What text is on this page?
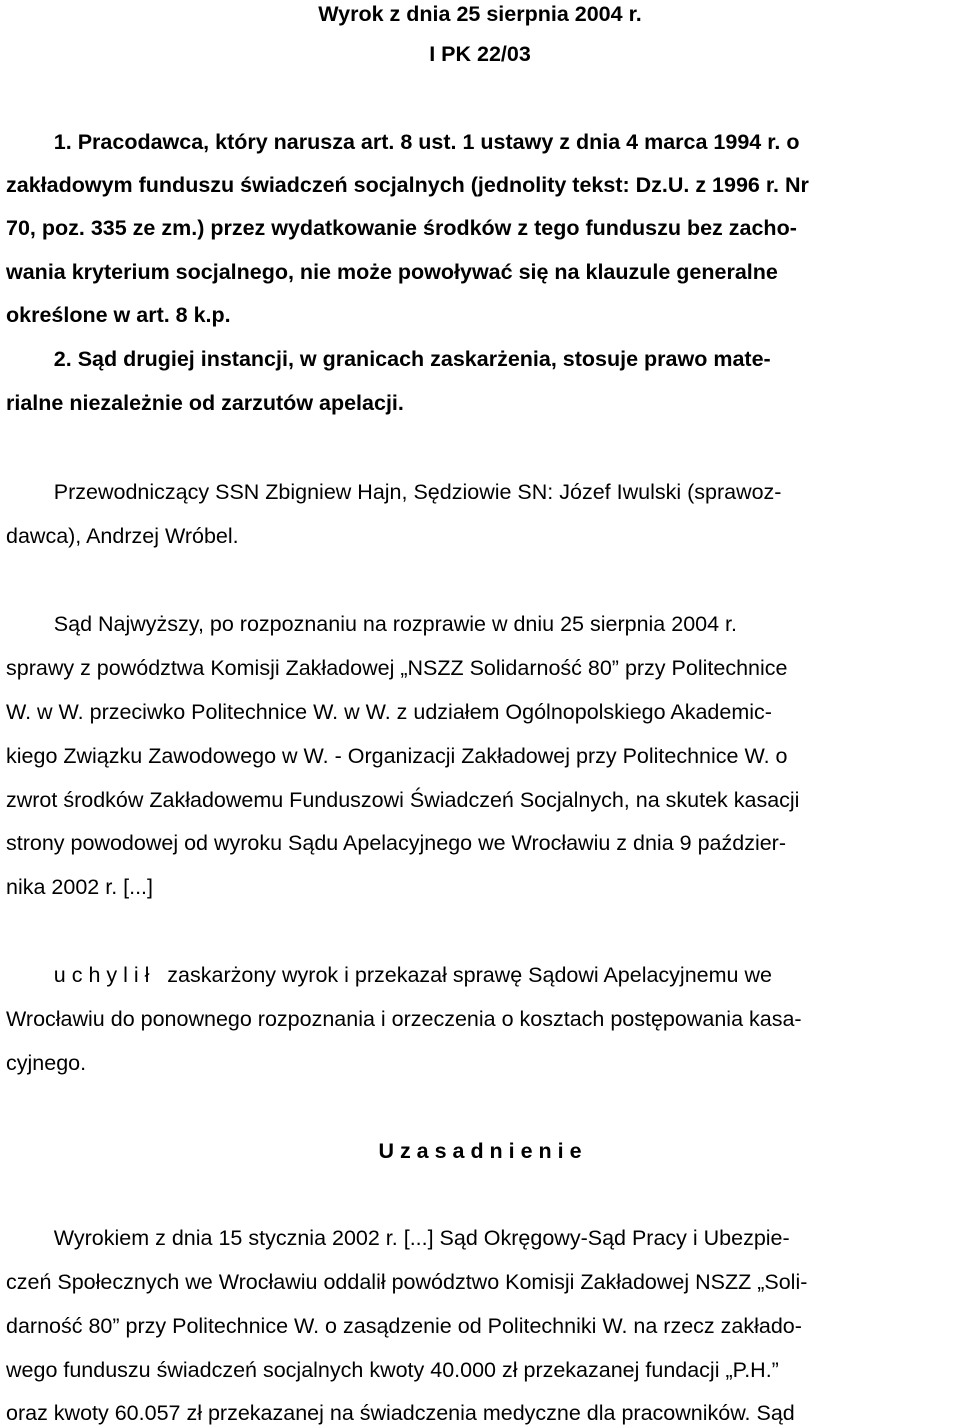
Wyrok z dnia 25 sierpnia 2004 r.
I PK 22/03
1. Pracodawca, który narusza art. 8 ust. 1 ustawy z dnia 4 marca 1994 r. o
zakładowym funduszu świadczeń socjalnych (jednolity tekst: Dz.U. z 1996 r. Nr
70, poz. 335 ze zm.) przez wydatkowanie środków z tego funduszu bez zacho-
wania kryterium socjalnego, nie może powoływać się na klauzule generalne
określone w art. 8 k.p.
2. Sąd drugiej instancji, w granicach zaskarżenia, stosuje prawo mate-
rialne niezależnie od zarzutów apelacji.
Przewodniczący SSN Zbigniew Hajn, Sędziowie SN: Józef Iwulski (sprawoz-
dawca), Andrzej Wróbel.
Sąd Najwyższy, po rozpoznaniu na rozprawie w dniu 25 sierpnia 2004 r.
sprawy z powództwa Komisji Zakładowej „NSZZ Solidarność 80” przy Politechnice
W. w W. przeciwko Politechnice W. w W. z udziałem Ogólnopolskiego Akademic-
kiego Związku Zawodowego w W. - Organizacji Zakładowej przy Politechnice W. o
zwrot środków Zakładowemu Funduszowi Świadczeń Socjalnych, na skutek kasacji
strony powodowej od wyroku Sądu Apelacyjnego we Wrocławiu z dnia 9 paździer-
nika 2002 r. [...]
u c h y l i ł   zaskarżony wyrok i przekazał sprawę Sądowi Apelacyjnemu we
Wrocławiu do ponownego rozpoznania i orzeczenia o kosztach postępowania kasa-
cyjnego.
U z a s a d n i e n i e
Wyrokiem z dnia 15 stycznia 2002 r. [...] Sąd Okręgowy-Sąd Pracy i Ubezpie-
czeń Społecznych we Wrocławiu oddalił powództwo Komisji Zakładowej NSZZ „Soli-
darność 80” przy Politechnice W. o zasądzenie od Politechniki W. na rzecz zakłado-
wego funduszu świadczeń socjalnych kwoty 40.000 zł przekazanej fundacji „P.H.”
oraz kwoty 60.057 zł przekazanej na świadczenia medyczne dla pracowników. Sąd
